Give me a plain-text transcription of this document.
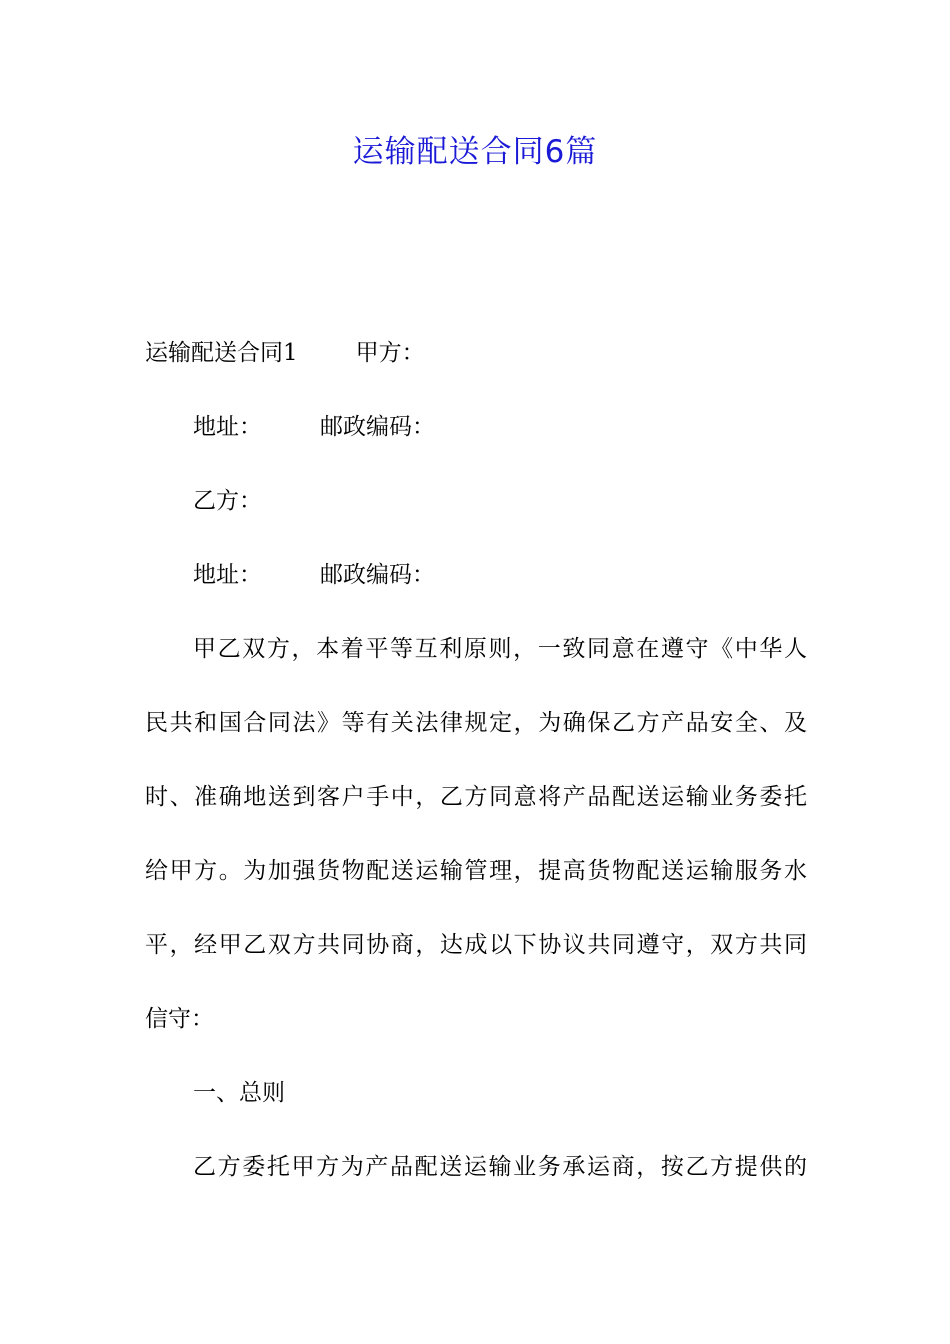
运输配送合同6篇
运输配送合同1	甲方：
地址：	邮政编码：
乙方：
地址：	邮政编码：
甲乙双方，本着平等互利原则，一致同意在遵守《中华人
民共和国合同法》等有关法律规定，为确保乙方产品安全、及
时、准确地送到客户手中，乙方同意将产品配送运输业务委托
给甲方。为加强货物配送运输管理，提高货物配送运输服务水
平，经甲乙双方共同协商，达成以下协议共同遵守，双方共同
信守：
一、总则
乙方委托甲方为产品配送运输业务承运商，按乙方提供的
